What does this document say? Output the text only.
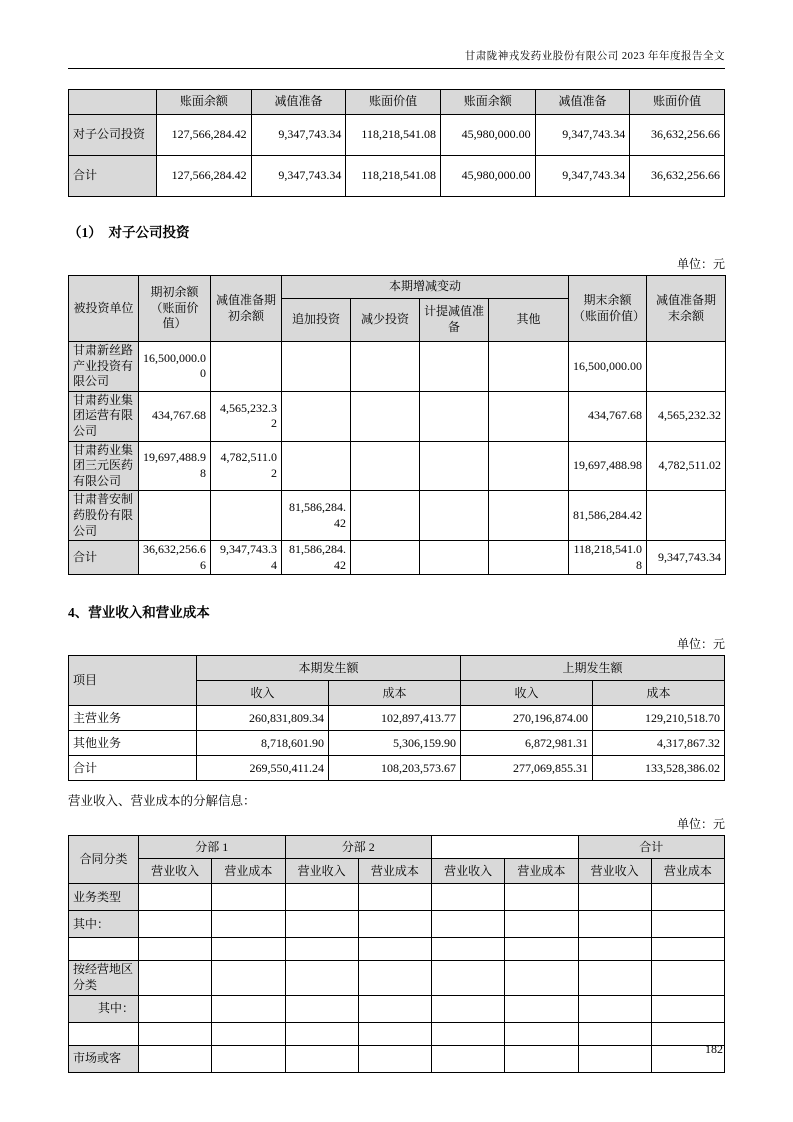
甘肃陇神戎发药业股份有限公司 2023 年年度报告全文
	账面余额	减值准备	账面价值	账面余额	减值准备	账面价值
对子公司投资	127,566,284.42	9,347,743.34	118,218,541.08	45,980,000.00	9,347,743.34	36,632,256.66
合计	127,566,284.42	9,347,743.34	118,218,541.08	45,980,000.00	9,347,743.34	36,632,256.66
（1）　对子公司投资
单位：元
被投资单位	期初余额（账面价值）	减值准备期初余额	本期增减变动				期末余额（账面价值）	减值准备期末余额
			追加投资	减少投资	计提减值准备	其他		
甘肃新丝路产业投资有限公司	16,500,000.00						16,500,000.00	
甘肃药业集团运营有限公司	434,767.68	4,565,232.32					434,767.68	4,565,232.32
甘肃药业集团三元医药有限公司	19,697,488.98	4,782,511.02					19,697,488.98	4,782,511.02
甘肃普安制药股份有限公司			81,586,284.42				81,586,284.42	
合计	36,632,256.66	9,347,743.34	81,586,284.42				118,218,541.08	9,347,743.34
4、营业收入和营业成本
单位：元
项目	本期发生额		上期发生额	
	收入	成本	收入	成本
主营业务	260,831,809.34	102,897,413.77	270,196,874.00	129,210,518.70
其他业务	8,718,601.90	5,306,159.90	6,872,981.31	4,317,867.32
合计	269,550,411.24	108,203,573.67	277,069,855.31	133,528,386.02
营业收入、营业成本的分解信息：
单位：元
合同分类	分部 1		分部 2				合计	
	营业收入	营业成本	营业收入	营业成本	营业收入	营业成本	营业收入	营业成本
业务类型								
其中：								

按经营地区分类								
其中：								

市场或客								
182
